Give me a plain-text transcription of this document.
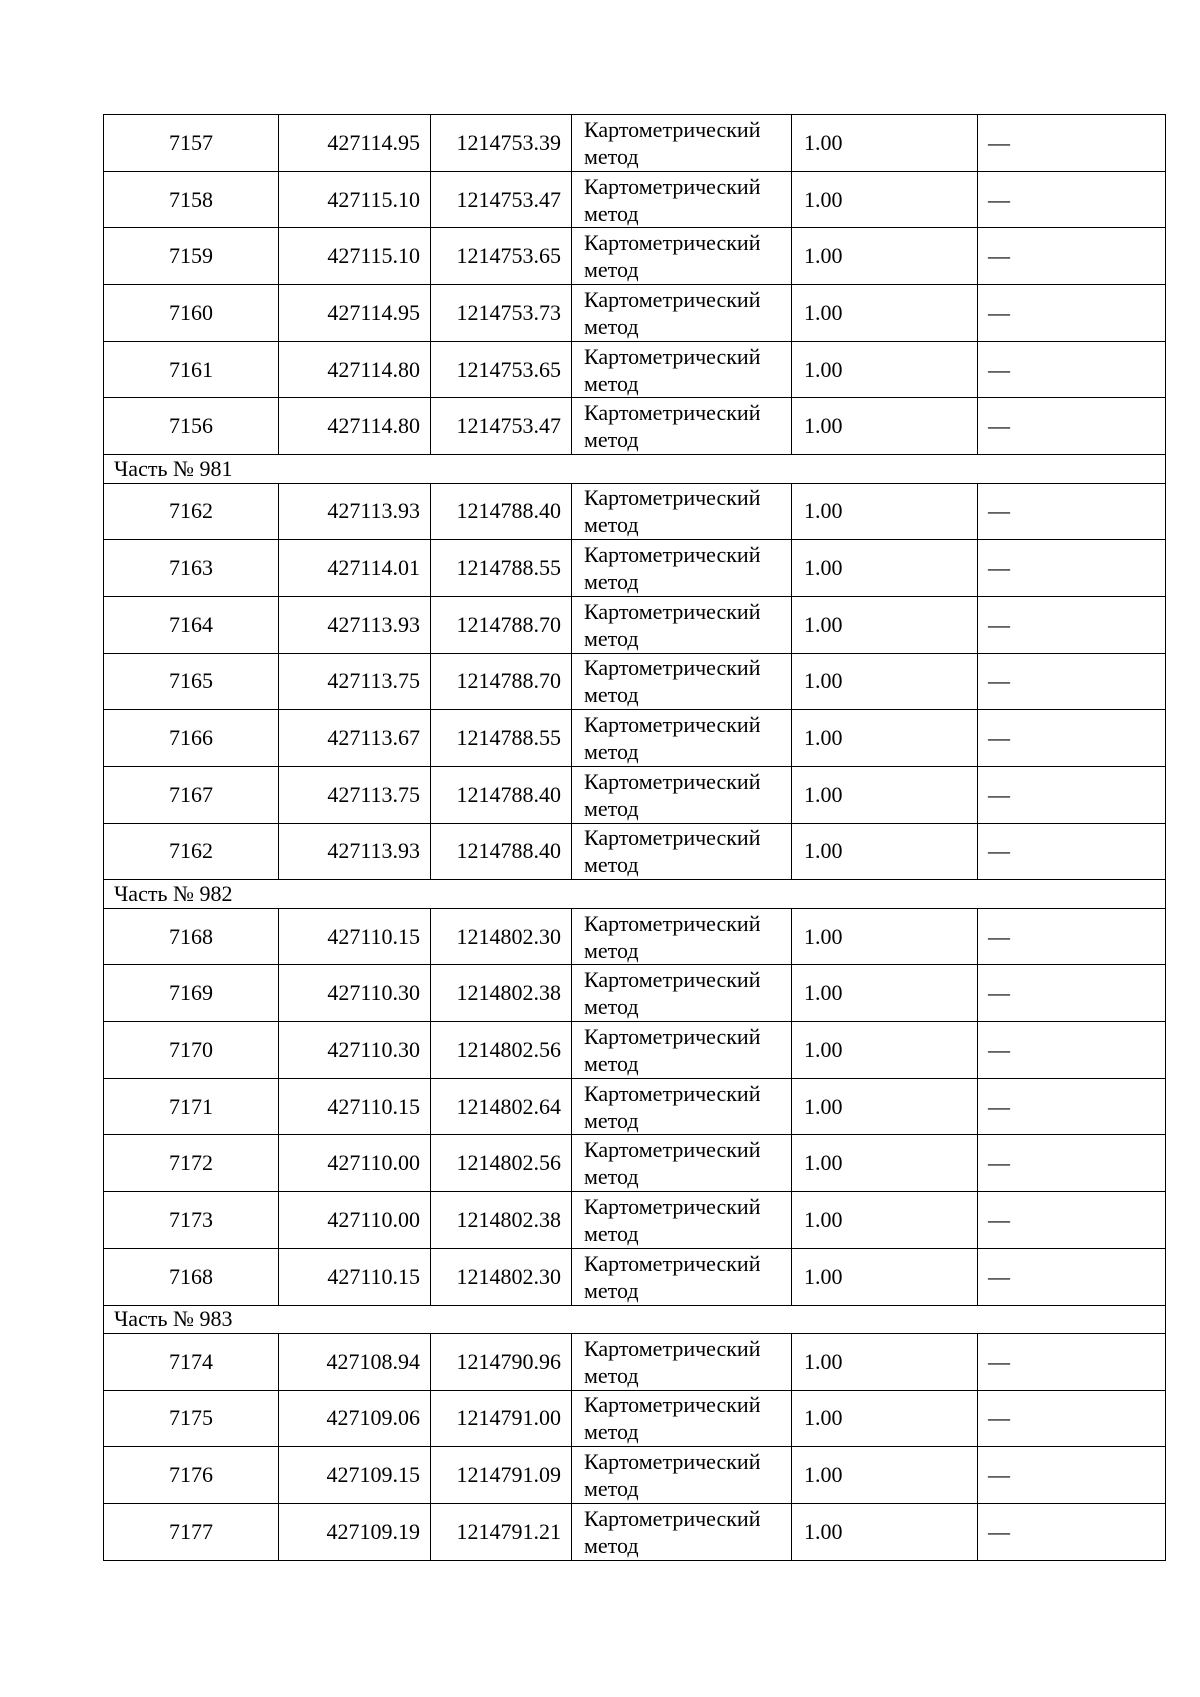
7157	427114.95	1214753.39	Картометрический метод	1.00	—
7158	427115.10	1214753.47	Картометрический метод	1.00	—
7159	427115.10	1214753.65	Картометрический метод	1.00	—
7160	427114.95	1214753.73	Картометрический метод	1.00	—
7161	427114.80	1214753.65	Картометрический метод	1.00	—
7156	427114.80	1214753.47	Картометрический метод	1.00	—
Часть № 981					
7162	427113.93	1214788.40	Картометрический метод	1.00	—
7163	427114.01	1214788.55	Картометрический метод	1.00	—
7164	427113.93	1214788.70	Картометрический метод	1.00	—
7165	427113.75	1214788.70	Картометрический метод	1.00	—
7166	427113.67	1214788.55	Картометрический метод	1.00	—
7167	427113.75	1214788.40	Картометрический метод	1.00	—
7162	427113.93	1214788.40	Картометрический метод	1.00	—
Часть № 982					
7168	427110.15	1214802.30	Картометрический метод	1.00	—
7169	427110.30	1214802.38	Картометрический метод	1.00	—
7170	427110.30	1214802.56	Картометрический метод	1.00	—
7171	427110.15	1214802.64	Картометрический метод	1.00	—
7172	427110.00	1214802.56	Картометрический метод	1.00	—
7173	427110.00	1214802.38	Картометрический метод	1.00	—
7168	427110.15	1214802.30	Картометрический метод	1.00	—
Часть № 983					
7174	427108.94	1214790.96	Картометрический метод	1.00	—
7175	427109.06	1214791.00	Картометрический метод	1.00	—
7176	427109.15	1214791.09	Картометрический метод	1.00	—
7177	427109.19	1214791.21	Картометрический метод	1.00	—
